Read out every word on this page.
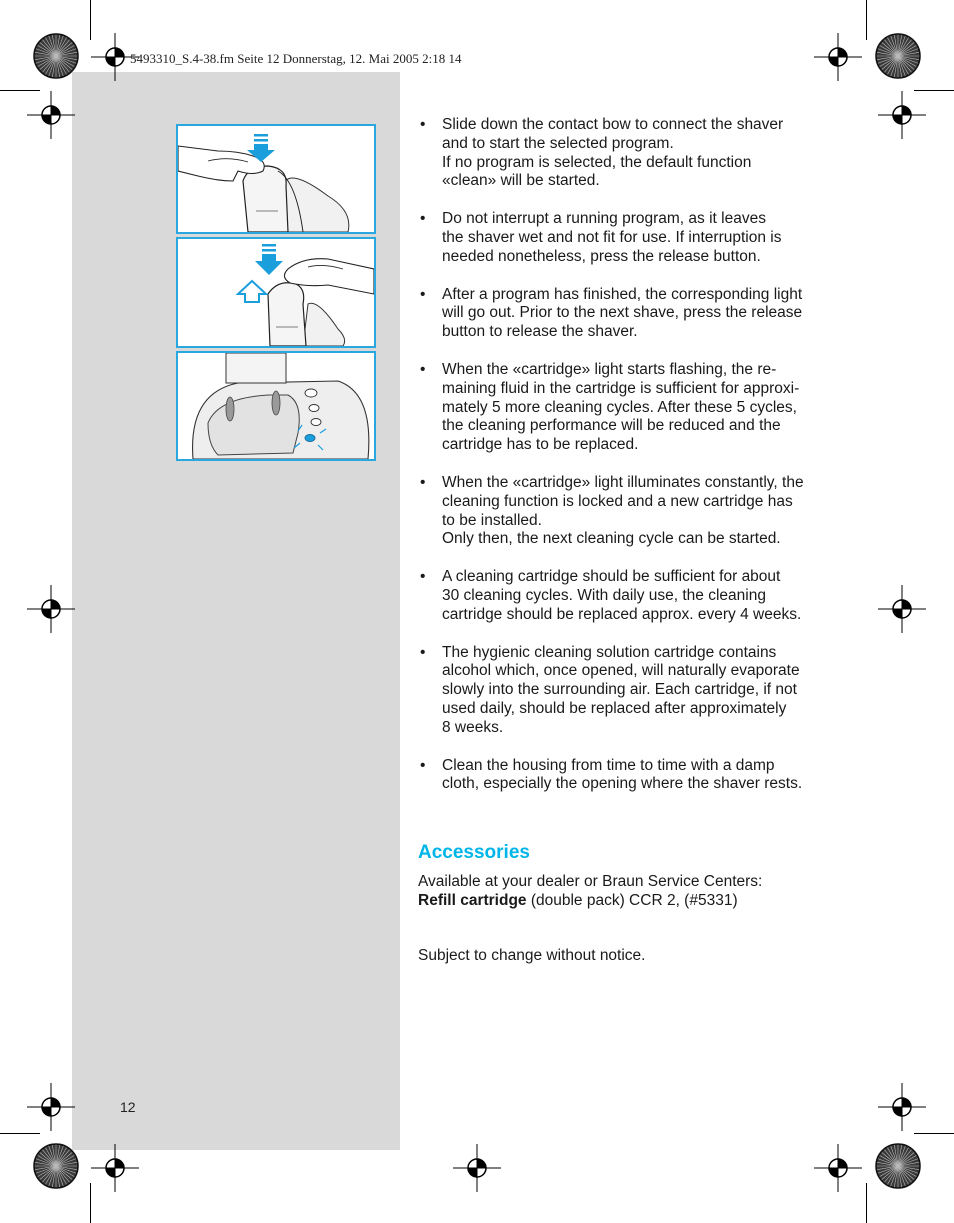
5493310_S.4-38.fm Seite 12 Donnerstag, 12. Mai 2005 2:18 14
• Slide down the contact bow to connect the shaver
and to start the selected program.
If no program is selected, the default function
«clean» will be started.
• Do not interrupt a running program, as it leaves
the shaver wet and not fit for use. If interruption is
needed nonetheless, press the release button.
• After a program has finished, the corresponding light
will go out. Prior to the next shave, press the release
button to release the shaver.
• When the «cartridge» light starts flashing, the re-
maining fluid in the cartridge is sufficient for approxi-
mately 5 more cleaning cycles. After these 5 cycles,
the cleaning performance will be reduced and the
cartridge has to be replaced.
• When the «cartridge» light illuminates constantly, the
cleaning function is locked and a new cartridge has
to be installed.
Only then, the next cleaning cycle can be started.
• A cleaning cartridge should be sufficient for about
30 cleaning cycles. With daily use, the cleaning
cartridge should be replaced approx. every 4 weeks.
• The hygienic cleaning solution cartridge contains
alcohol which, once opened, will naturally evaporate
slowly into the surrounding air. Each cartridge, if not
used daily, should be replaced after approximately
8 weeks.
• Clean the housing from time to time with a damp
cloth, especially the opening where the shaver rests.
Accessories
Available at your dealer or Braun Service Centers:
Refill cartridge (double pack) CCR 2, (#5331)
Subject to change without notice.
12
